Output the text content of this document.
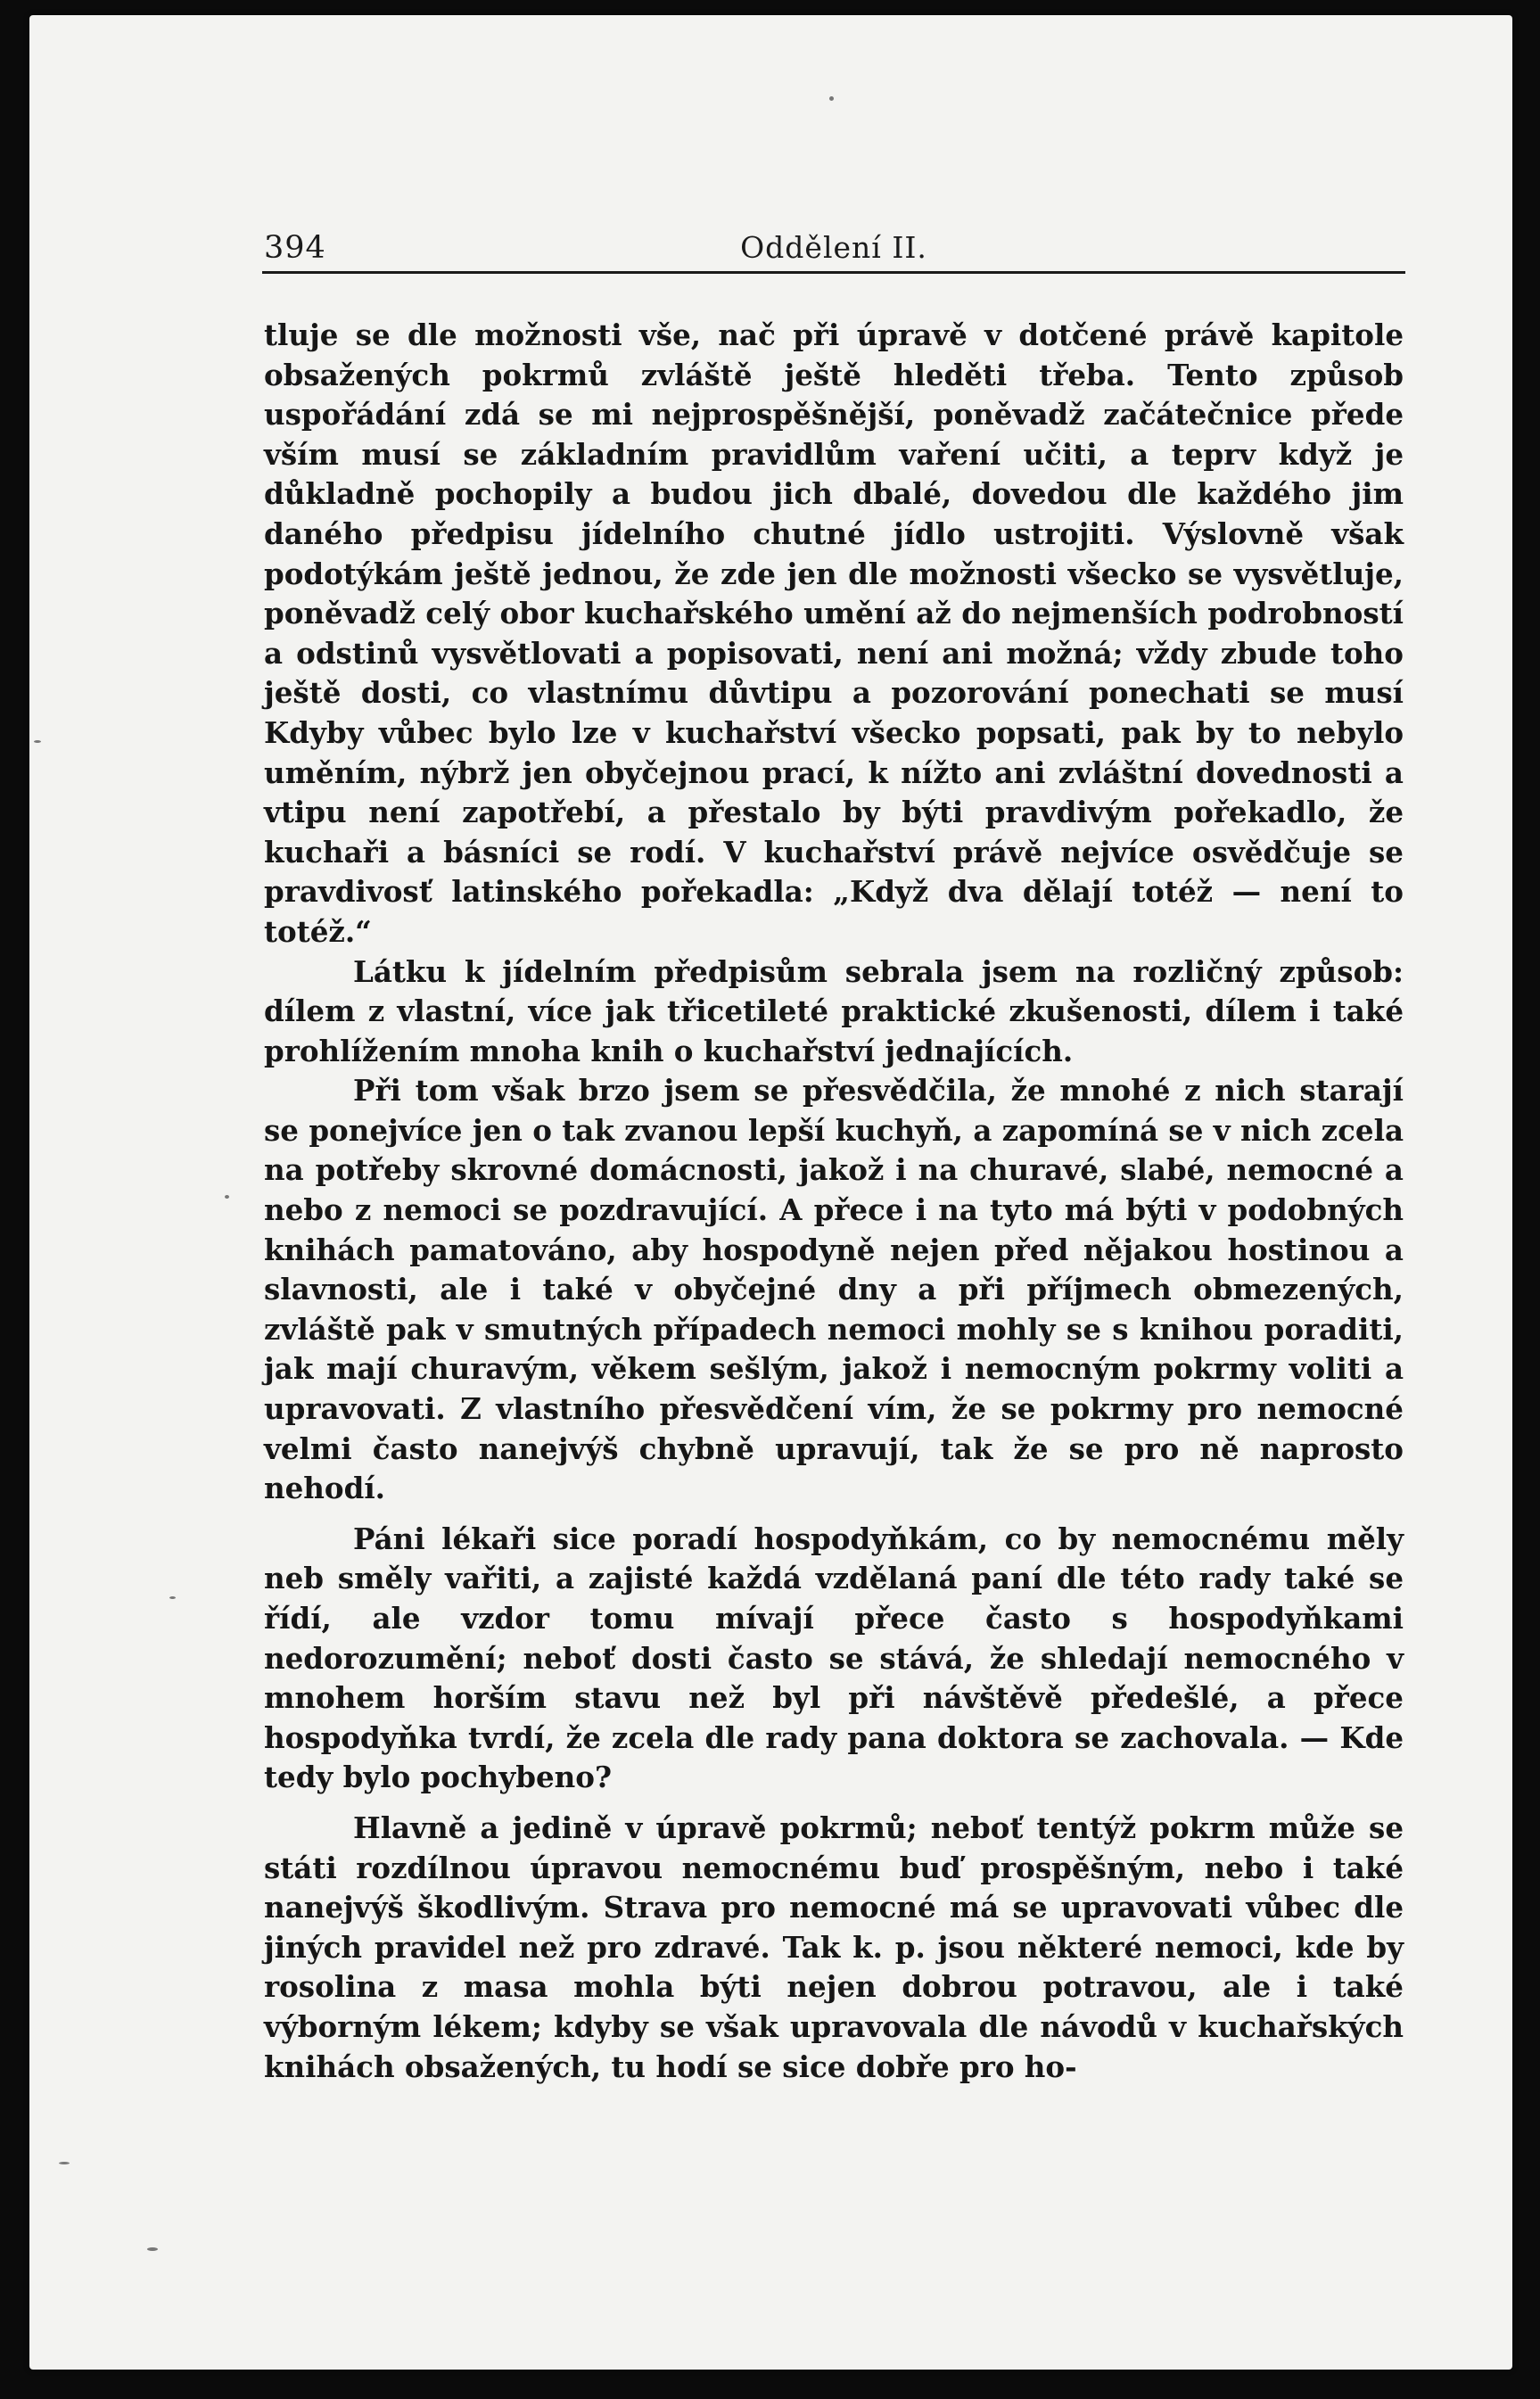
394	Oddělení II.

tluje se dle možnosti vše, nač při úpravě v dotčené právě kapitole obsažených pokrmů zvláště ještě hleděti třeba. Tento způsob uspořádání zdá se mi nejprospěšnější, poněvadž začátečnice přede vším musí se základním pravidlům vaření učiti, a teprv když je důkladně pochopily a budou jich dbalé, dovedou dle každého jim daného předpisu jídelního chutné jídlo ustrojiti. Výslovně však podotýkám ještě jednou, že zde jen dle možnosti všecko se vysvětluje, poněvadž celý obor kuchařského umění až do nejmenších podrobností a odstinů vysvětlovati a popisovati, není ani možná; vždy zbude toho ještě dosti, co vlastnímu důvtipu a pozorování ponechati se musí Kdyby vůbec bylo lze v kuchařství všecko popsati, pak by to nebylo uměním, nýbrž jen obyčejnou prací, k nížto ani zvláštní dovednosti a vtipu není zapotřebí, a přestalo by býti pravdivým pořekadlo, že kuchaři a básníci se rodí. V kuchařství právě nejvíce osvědčuje se pravdivosť latinského pořekadla: „Když dva dělají totéž — není to totéž.“

Látku k jídelním předpisům sebrala jsem na rozličný způsob: dílem z vlastní, více jak třicetileté praktické zkušenosti, dílem i také prohlížením mnoha knih o kuchařství jednajících.

Při tom však brzo jsem se přesvědčila, že mnohé z nich starají se ponejvíce jen o tak zvanou lepší kuchyň, a zapomíná se v nich zcela na potřeby skrovné domácnosti, jakož i na churavé, slabé, nemocné a nebo z nemoci se pozdravující. A přece i na tyto má býti v podobných knihách pamatováno, aby hospodyně nejen před nějakou hostinou a slavnosti, ale i také v obyčejné dny a při příjmech obmezených, zvláště pak v smutných případech nemoci mohly se s knihou poraditi, jak mají churavým, věkem sešlým, jakož i nemocným pokrmy voliti a upravovati. Z vlastního přesvědčení vím, že se pokrmy pro nemocné velmi často nanejvýš chybně upravují, tak že se pro ně naprosto nehodí.

Páni lékaři sice poradí hospodyňkám, co by nemocnému měly neb směly vařiti, a zajisté každá vzdělaná paní dle této rady také se řídí, ale vzdor tomu mívají přece často s hospodyňkami nedorozumění; neboť dosti často se stává, že shledají nemocného v mnohem horším stavu než byl při návštěvě předešlé, a přece hospodyňka tvrdí, že zcela dle rady pana doktora se zachovala. — Kde tedy bylo pochybeno?

Hlavně a jedině v úpravě pokrmů; neboť tentýž pokrm může se státi rozdílnou úpravou nemocnému buď prospěšným, nebo i také nanejvýš škodlivým. Strava pro nemocné má se upravovati vůbec dle jiných pravidel než pro zdravé. Tak k. p. jsou některé nemoci, kde by rosolina z masa mohla býti nejen dobrou potravou, ale i také výborným lékem; kdyby se však upravovala dle návodů v kuchařských knihách obsažených, tu hodí se sice dobře pro ho-
